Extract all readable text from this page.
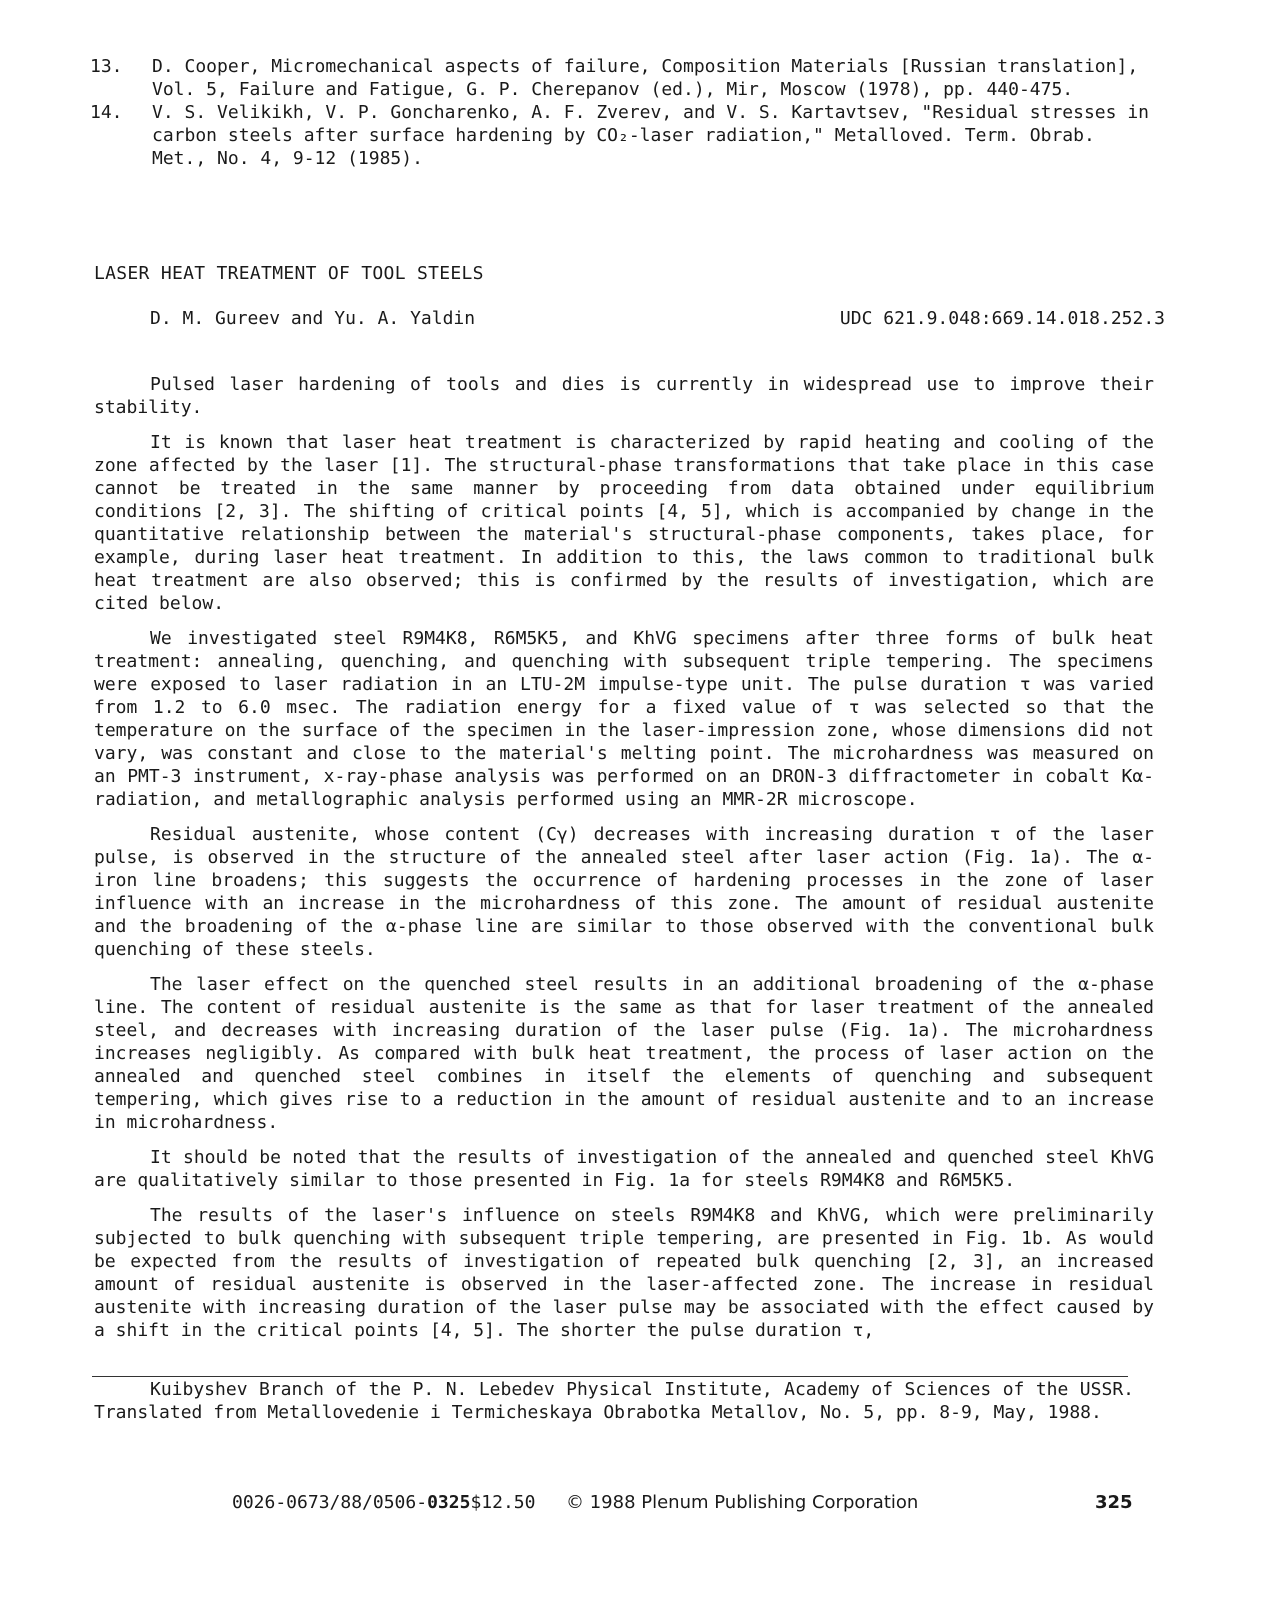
13. D. Cooper, Micromechanical aspects of failure, Composition Materials [Russian translation], Vol. 5, Failure and Fatigue, G. P. Cherepanov (ed.), Mir, Moscow (1978), pp. 440-475.
14. V. S. Velikikh, V. P. Goncharenko, A. F. Zverev, and V. S. Kartavtsev, "Residual stresses in carbon steels after surface hardening by CO₂-laser radiation," Metalloved. Term. Obrab. Met., No. 4, 9-12 (1985).
LASER HEAT TREATMENT OF TOOL STEELS
D. M. Gureev and Yu. A. Yaldin	UDC 621.9.048:669.14.018.252.3

Pulsed laser hardening of tools and dies is currently in widespread use to improve their stability.

It is known that laser heat treatment is characterized by rapid heating and cooling of the zone affected by the laser [1]. The structural-phase transformations that take place in this case cannot be treated in the same manner by proceeding from data obtained under equilibrium conditions [2, 3]. The shifting of critical points [4, 5], which is accompanied by change in the quantitative relationship between the material's structural-phase components, takes place, for example, during laser heat treatment. In addition to this, the laws common to traditional bulk heat treatment are also observed; this is confirmed by the results of investigation, which are cited below.

We investigated steel R9M4K8, R6M5K5, and KhVG specimens after three forms of bulk heat treatment: annealing, quenching, and quenching with subsequent triple tempering. The specimens were exposed to laser radiation in an LTU-2M impulse-type unit. The pulse duration τ was varied from 1.2 to 6.0 msec. The radiation energy for a fixed value of τ was selected so that the temperature on the surface of the specimen in the laser-impression zone, whose dimensions did not vary, was constant and close to the material's melting point. The microhardness was measured on an PMT-3 instrument, x-ray-phase analysis was performed on an DRON-3 diffractometer in cobalt Kα-radiation, and metallographic analysis performed using an MMR-2R microscope.

Residual austenite, whose content (Cγ) decreases with increasing duration τ of the laser pulse, is observed in the structure of the annealed steel after laser action (Fig. 1a). The α-iron line broadens; this suggests the occurrence of hardening processes in the zone of laser influence with an increase in the microhardness of this zone. The amount of residual austenite and the broadening of the α-phase line are similar to those observed with the conventional bulk quenching of these steels.

The laser effect on the quenched steel results in an additional broadening of the α-phase line. The content of residual austenite is the same as that for laser treatment of the annealed steel, and decreases with increasing duration of the laser pulse (Fig. 1a). The microhardness increases negligibly. As compared with bulk heat treatment, the process of laser action on the annealed and quenched steel combines in itself the elements of quenching and subsequent tempering, which gives rise to a reduction in the amount of residual austenite and to an increase in microhardness.

It should be noted that the results of investigation of the annealed and quenched steel KhVG are qualitatively similar to those presented in Fig. 1a for steels R9M4K8 and R6M5K5.

The results of the laser's influence on steels R9M4K8 and KhVG, which were preliminarily subjected to bulk quenching with subsequent triple tempering, are presented in Fig. 1b. As would be expected from the results of investigation of repeated bulk quenching [2, 3], an increased amount of residual austenite is observed in the laser-affected zone. The increase in residual austenite with increasing duration of the laser pulse may be associated with the effect caused by a shift in the critical points [4, 5]. The shorter the pulse duration τ,

Kuibyshev Branch of the P. N. Lebedev Physical Institute, Academy of Sciences of the USSR. Translated from Metallovedenie i Termicheskaya Obrabotka Metallov, No. 5, pp. 8-9, May, 1988.

0026-0673/88/0506-0325$12.50 © 1988 Plenum Publishing Corporation	325
